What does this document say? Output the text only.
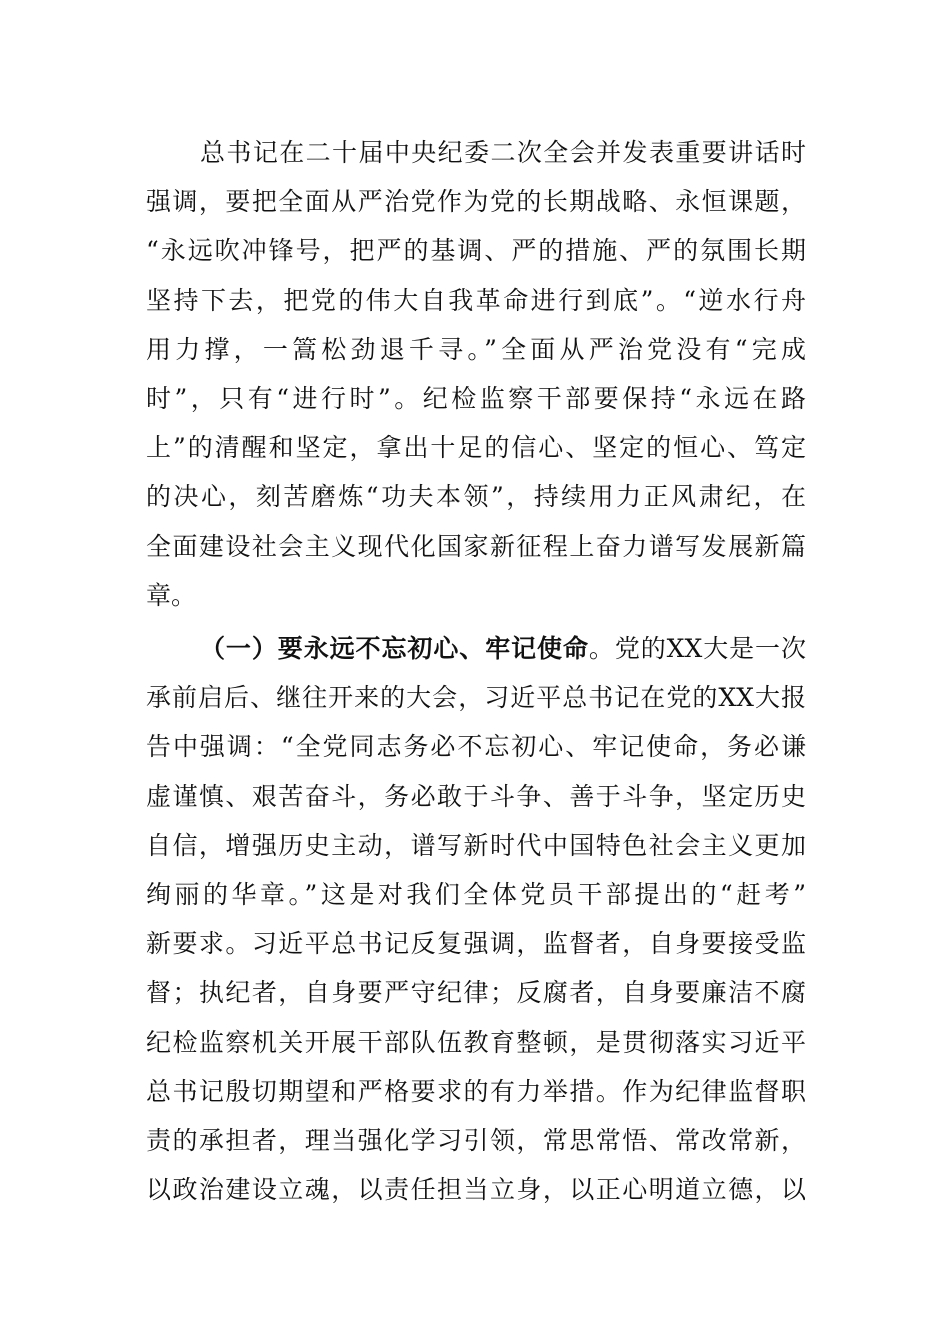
总书记在二十届中央纪委二次全会并发表重要讲话时
强调，要把全面从严治党作为党的长期战略、永恒课题，
“永远吹冲锋号，把严的基调、严的措施、严的氛围长期
坚持下去，把党的伟大自我革命进行到底”。“逆水行舟
用力撑，一篙松劲退千寻。”全面从严治党没有“完成
时”，只有“进行时”。纪检监察干部要保持“永远在路
上”的清醒和坚定，拿出十足的信心、坚定的恒心、笃定
的决心，刻苦磨炼“功夫本领”，持续用力正风肃纪，在
全面建设社会主义现代化国家新征程上奋力谱写发展新篇
章。
（一）要永远不忘初心、牢记使命。党的XX大是一次
承前启后、继往开来的大会，习近平总书记在党的XX大报
告中强调：“全党同志务必不忘初心、牢记使命，务必谦
虚谨慎、艰苦奋斗，务必敢于斗争、善于斗争，坚定历史
自信，增强历史主动，谱写新时代中国特色社会主义更加
绚丽的华章。”这是对我们全体党员干部提出的“赶考”
新要求。习近平总书记反复强调，监督者，自身要接受监
督；执纪者，自身要严守纪律；反腐者，自身要廉洁不腐
纪检监察机关开展干部队伍教育整顿，是贯彻落实习近平
总书记殷切期望和严格要求的有力举措。作为纪律监督职
责的承担者，理当强化学习引领，常思常悟、常改常新，
以政治建设立魂，以责任担当立身，以正心明道立德，以
